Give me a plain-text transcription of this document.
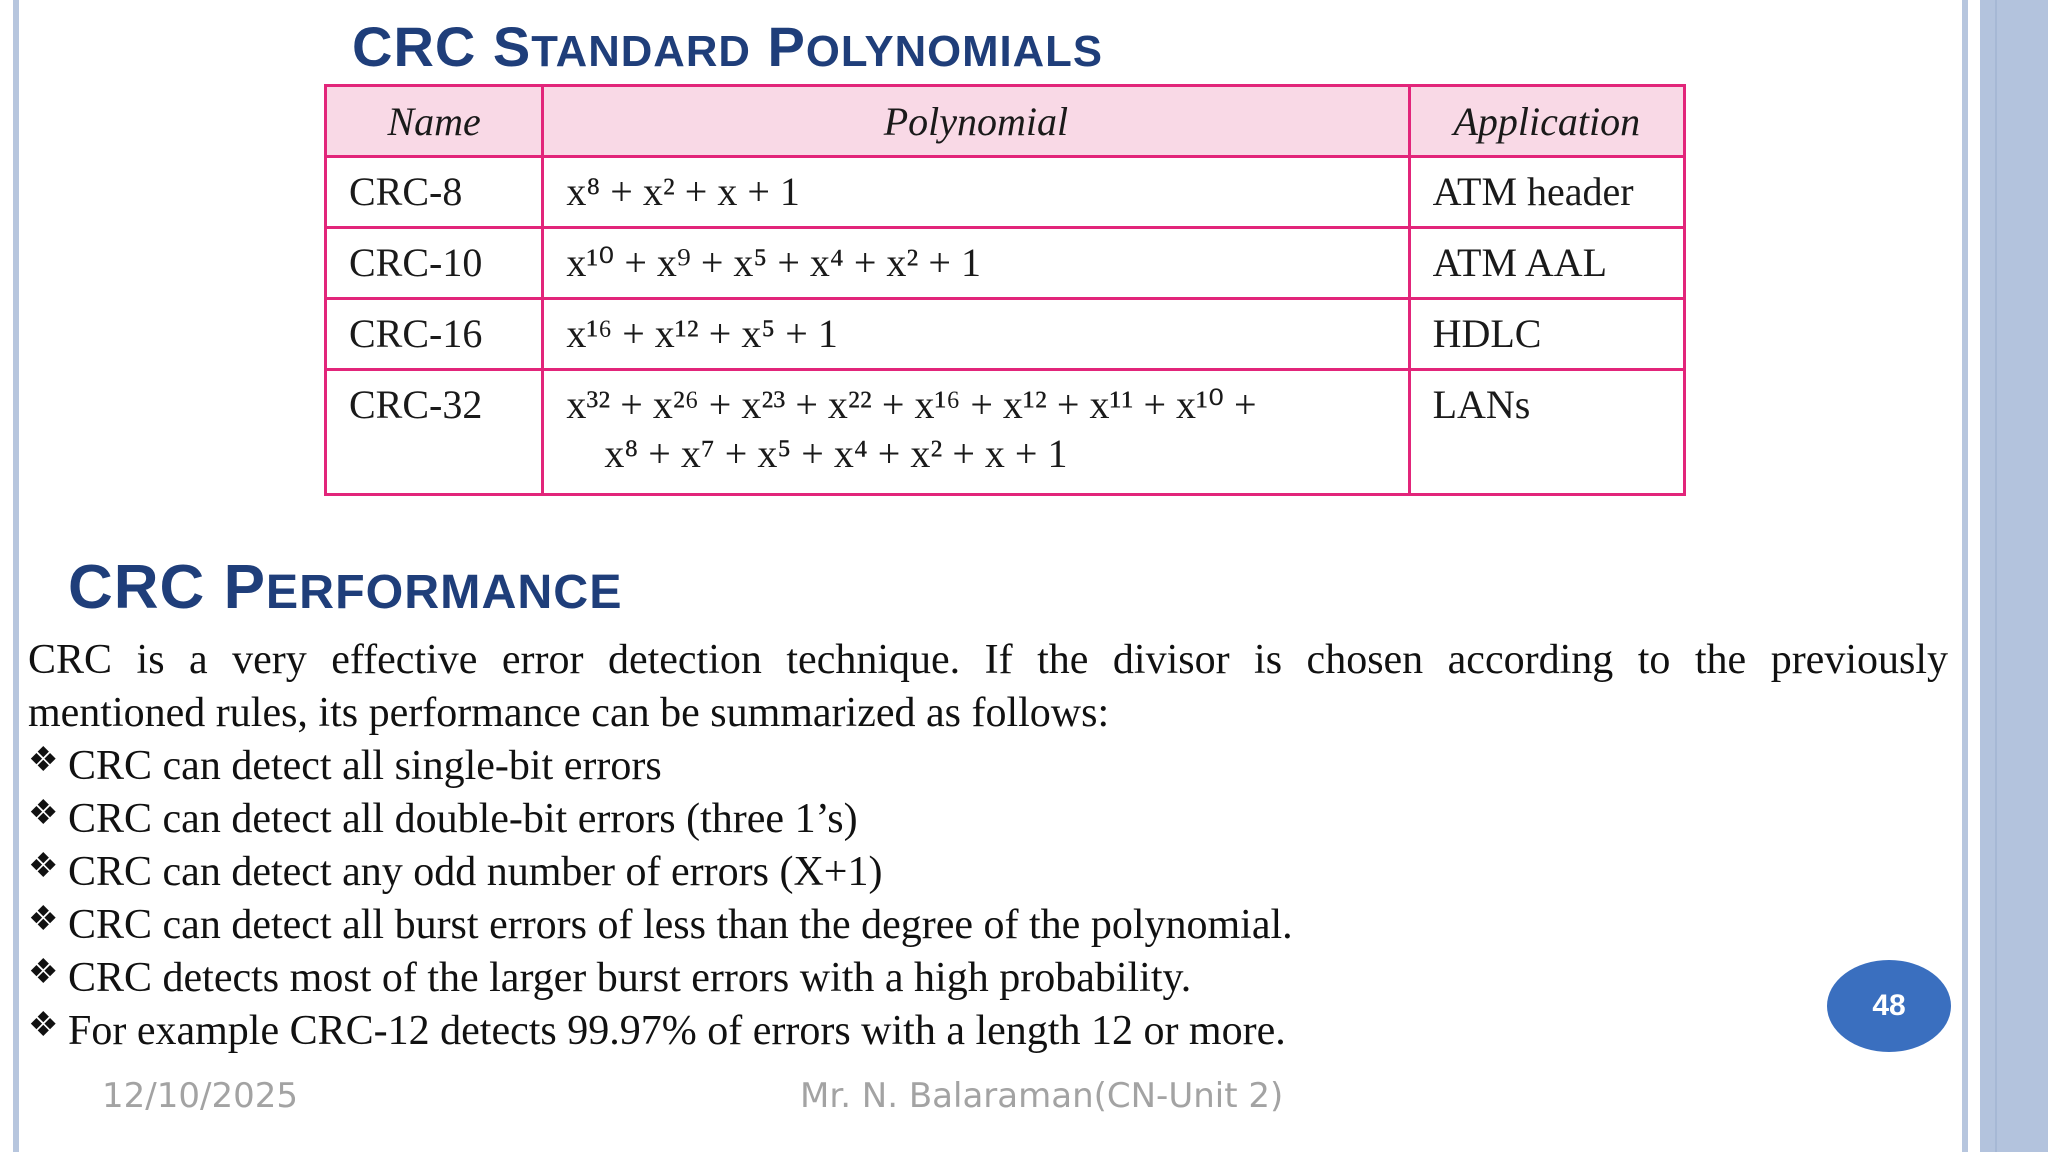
CRC STANDARD POLYNOMIALS
Name	Polynomial	Application
CRC-8	x⁸ + x² + x + 1	ATM header
CRC-10	x¹⁰ + x⁹ + x⁵ + x⁴ + x² + 1	ATM AAL
CRC-16	x¹⁶ + x¹² + x⁵ + 1	HDLC
CRC-32	x³² + x²⁶ + x²³ + x²² + x¹⁶ + x¹² + x¹¹ + x¹⁰ +
x⁸ + x⁷ + x⁵ + x⁴ + x² + x + 1	LANs
CRC PERFORMANCE

CRC is a very effective error detection technique. If the divisor is chosen according to the previously
mentioned rules, its performance can be summarized as follows:

❖ CRC can detect all single-bit errors
❖ CRC can detect all double-bit errors (three 1’s)
❖ CRC can detect any odd number of errors (X+1)
❖ CRC can detect all burst errors of less than the degree of the polynomial.
❖ CRC detects most of the larger burst errors with a high probability.
❖ For example CRC-12 detects 99.97% of errors with a length 12 or more.
48
12/10/2025	Mr. N. Balaraman(CN-Unit 2)
